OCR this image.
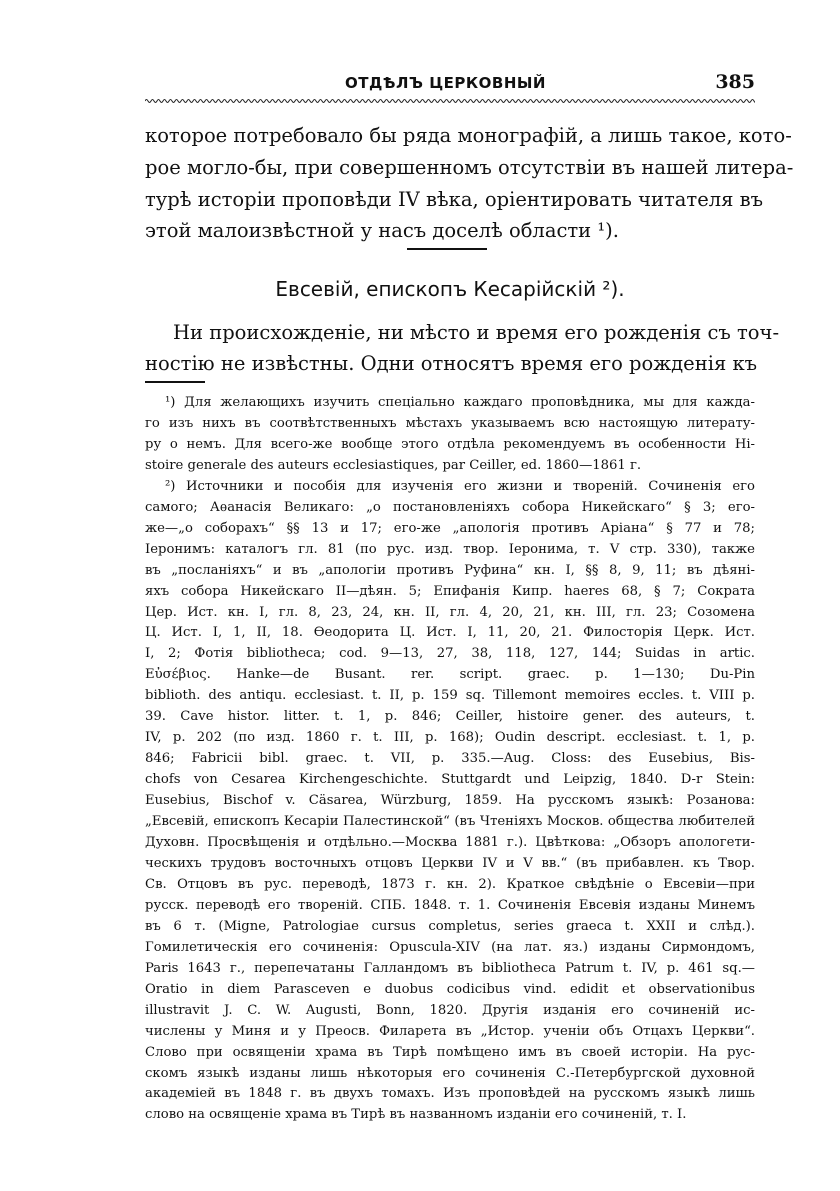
ОТДѢЛЪ ЦЕРКОВНЫЙ	385
которое потребовало бы ряда монографій, а лишь такое, кото-
рое могло-бы, при совершенномъ отсутствіи въ нашей литера-
турѣ исторіи проповѣди IV вѣка, оріентировать читателя въ
этой малоизвѣстной у насъ доселѣ области ¹).
Евсевій, епископъ Кесарійскій ²).
Ни происхожденіе, ни мѣсто и время его рожденія съ точ-
ностію не извѣстны. Одни относятъ время его рожденія къ
¹) Для желающихъ изучить спеціально каждаго проповѣдника, мы для каждa-
го изъ нихъ въ соотвѣтственныхъ мѣстахъ указываемъ всю настоящую литерату-
ру о немъ. Для всего-же вообще этого отдѣла рекомендуемъ въ особенности Hi-
stoire generale des auteurs ecclesiastiques, par Ceiller, ed. 1860—1861 г.
²) Источники и пособія для изученія его жизни и твореній. Сочиненія его
самого; Аѳанасія Великаго: „о постановленіяхъ собора Никейскаго“ § 3; его-
же—„о соборахъ“ §§ 13 и 17; его-же „апологія противъ Арiана“ § 77 и 78;
Іеронимъ: каталогъ гл. 81 (по рус. изд. твор. Іеронима, т. V стр. 330), также
въ „посланіяхъ“ и въ „апологіи противъ Руфина“ кн. I, §§ 8, 9, 11; въ дѣяні-
яхъ собора Никейскаго II—дѣян. 5; Епифанія Кипр. haeres 68, § 7; Сократа
Цер. Ист. кн. I, гл. 8, 23, 24, кн. II, гл. 4, 20, 21, кн. III, гл. 23; Созомена
Ц. Ист. I, 1, II, 18. Ѳеодорита Ц. Ист. I, 11, 20, 21. Филосторія Церк. Ист.
I, 2; Фотія bibliotheca; cod. 9—13, 27, 38, 118, 127, 144; Suidas in artic.
Εὐσέβιος. Hanke—de Busant. rer. script. graec. p. 1—130; Du-Pin
biblioth. des antiqu. ecclesiast. t. II, p. 159 sq. Tillemont memoires eccles. t. VIII p.
39. Cave histor. litter. t. 1, p. 846; Ceiller, histoire gener. des auteurs, t.
IV, p. 202 (по изд. 1860 г. t. III, p. 168); Oudin descript. ecclesiast. t. 1, p.
846; Fabricii bibl. graec. t. VII, p. 335.—Aug. Closs: des Eusebius, Bis-
chofs von Cesarea Kirchengeschichte. Stuttgardt und Leipzig, 1840. D-r Stein:
Eusebius, Bischof v. Cäsarea, Würzburg, 1859. На русскомъ языкѣ: Розанова:
„Евсевій, епископъ Кесаріи Палестинской“ (въ Чтеніяхъ Москов. общества любителей
Духовн. Просвѣщенія и отдѣльно.—Москва 1881 г.). Цвѣткова: „Обзоръ апологети-
ческихъ трудовъ восточныхъ отцовъ Церкви IV и V вв.“ (въ прибавлен. къ Твор.
Св. Отцовъ въ рус. переводѣ, 1873 г. кн. 2). Краткое свѣдѣніе о Евсевіи—при
русск. переводѣ его твореній. СПБ. 1848. т. 1. Сочиненія Евсевія изданы Минемъ
въ 6 т. (Migne, Patrologiae cursus completus, series graeca t. XXII и слѣд.).
Гомилетическія его сочиненія: Opuscula-XIV (на лат. яз.) изданы Сирмондомъ,
Paris 1643 г., перепечатаны Галландомъ въ bibliotheca Patrum t. IV, p. 461 sq.—
Oratio in diem Parasceven e duobus codicibus vind. edidit et observationibus
illustravit J. C. W. Augusti, Bonn, 1820. Другія изданія его сочиненій ис-
числены у Миня и у Преосв. Филарета въ „Истор. ученіи объ Отцахъ Церкви“.
Слово при освященіи храма въ Тирѣ помѣщено имъ въ своей исторіи. На рус-
скомъ языкѣ изданы лишь нѣкоторыя его сочиненія С.-Петербургской духовной
академіей въ 1848 г. въ двухъ томахъ. Изъ проповѣдей на русскомъ языкѣ лишь
слово на освященіе храма въ Тирѣ въ названномъ изданіи его сочиненій, т. I.
